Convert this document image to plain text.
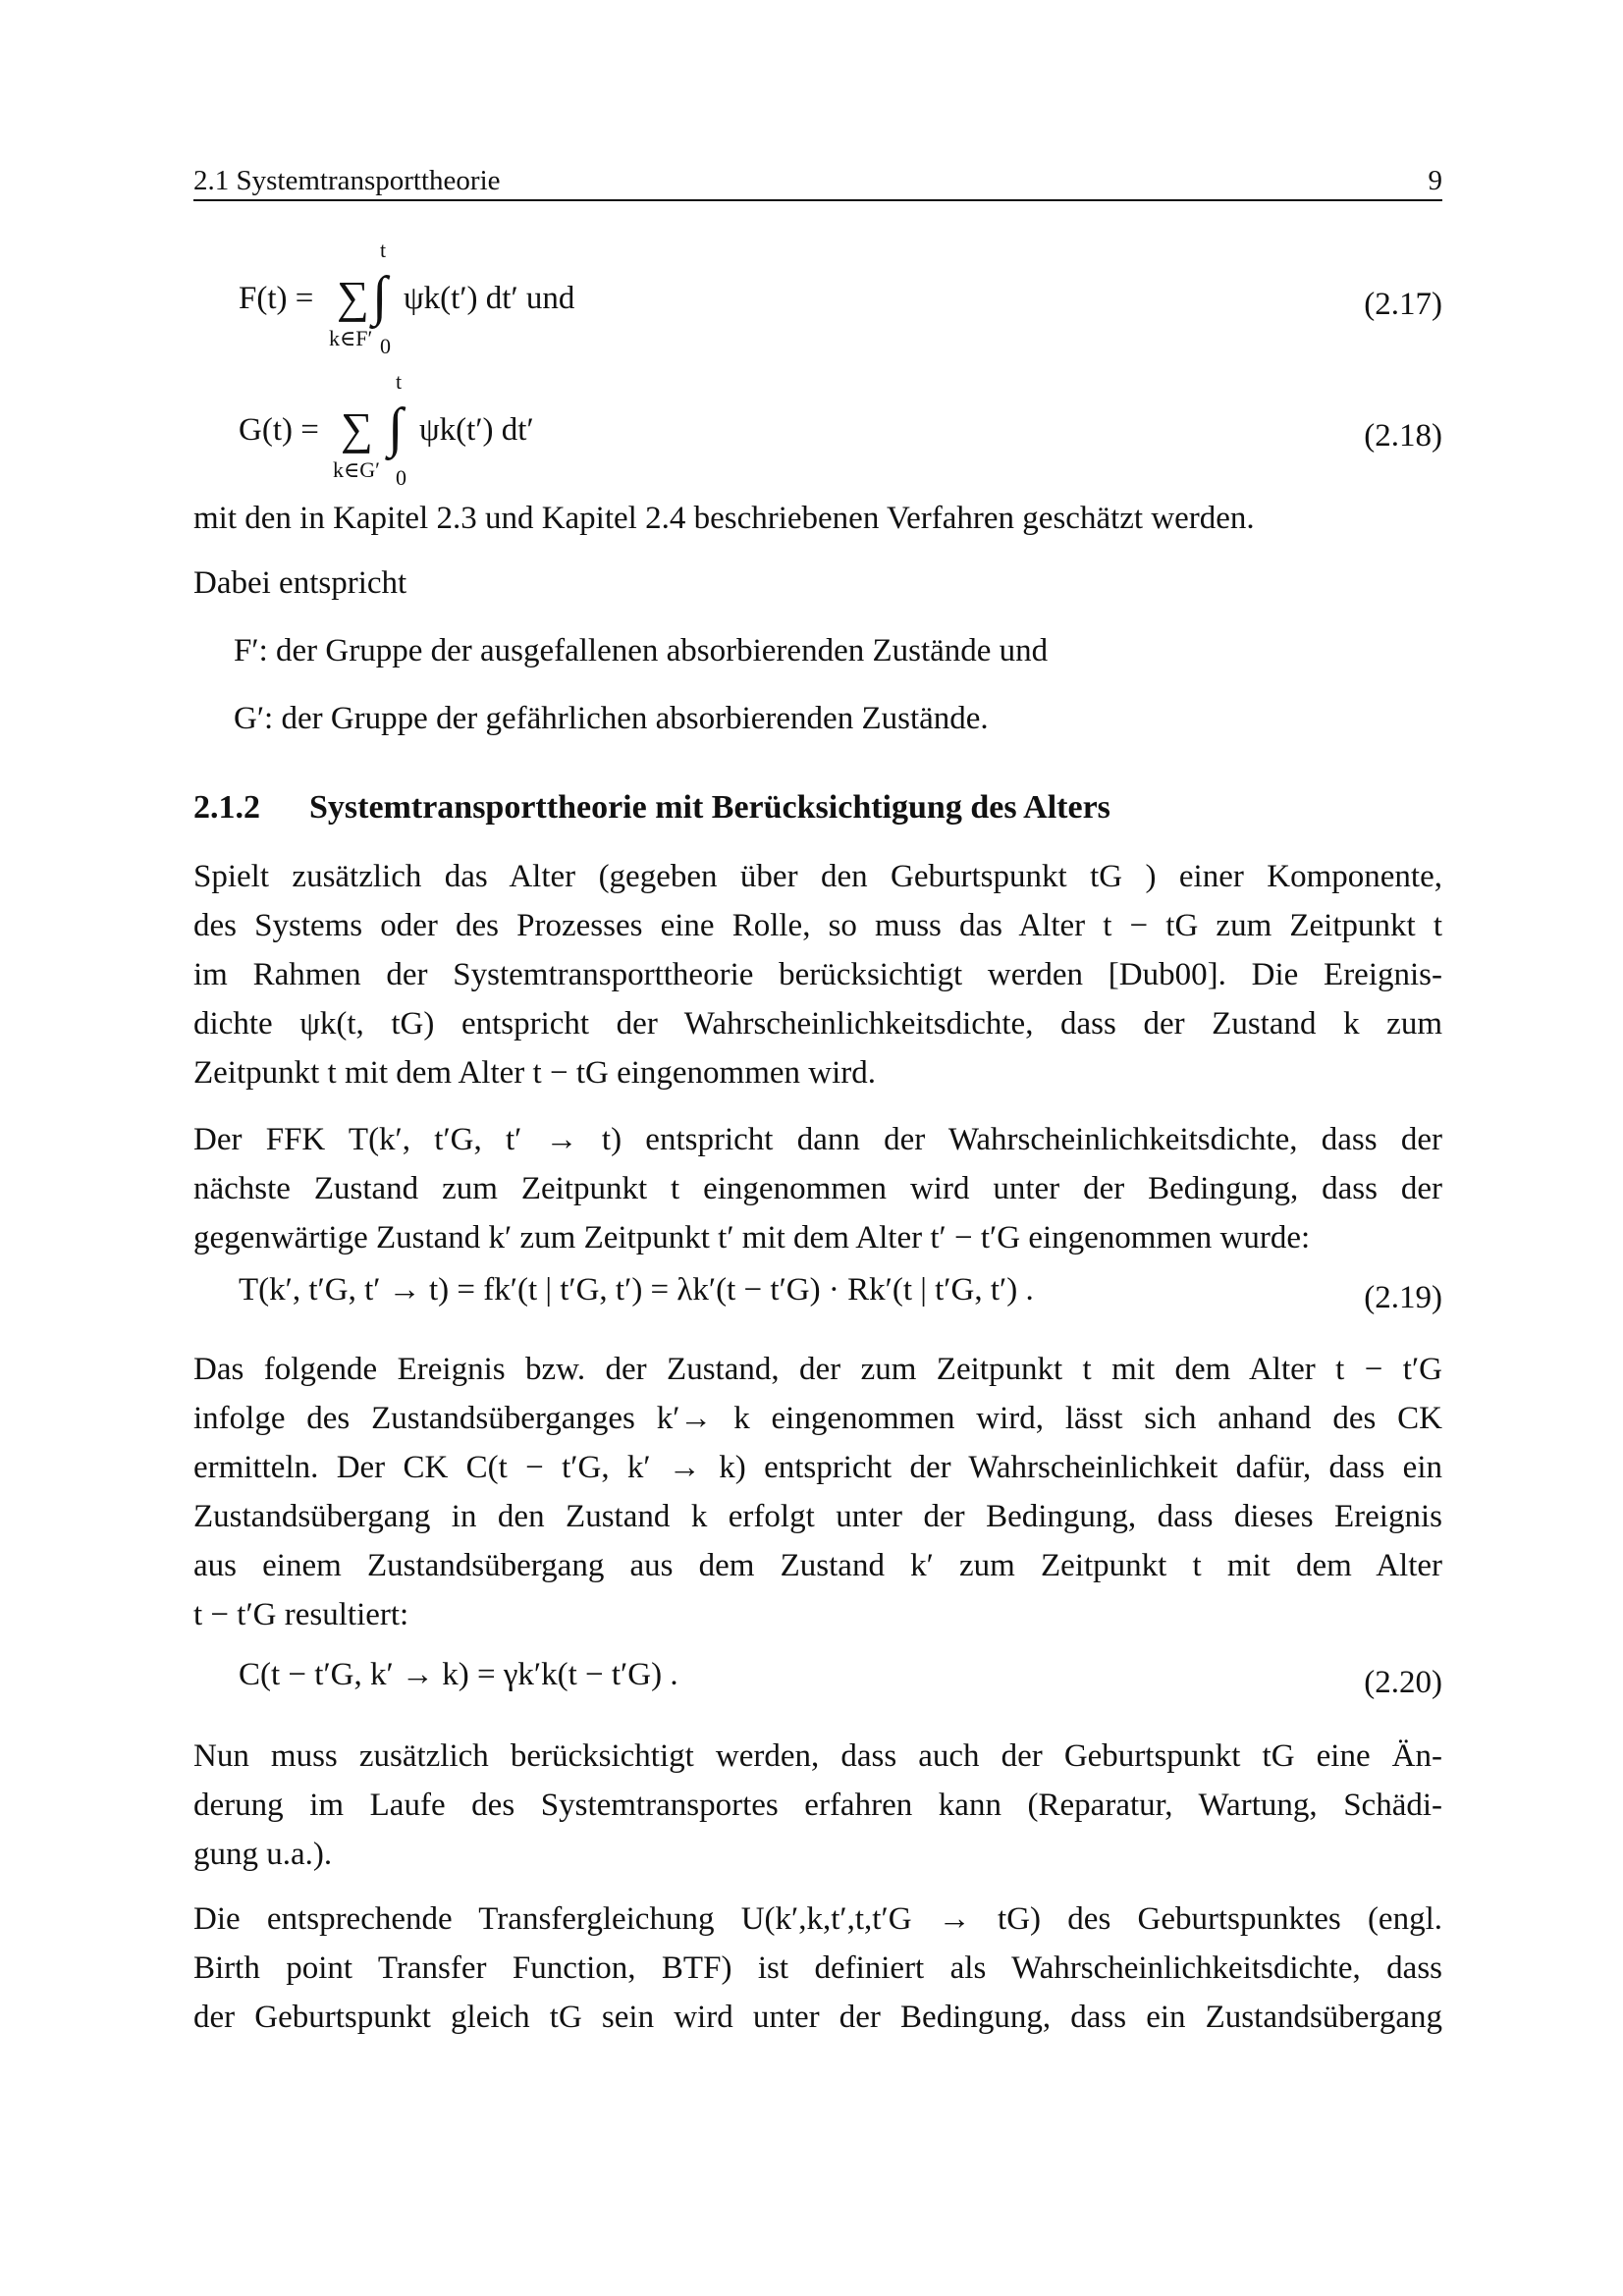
2.1 Systemtransporttheorie	9
F(t) = ∑
k∈F′
t
∫
0
ψk(t′) dt′ und	(2.17)
G(t) = ∑
k∈G′
t
∫
0
ψk(t′) dt′	(2.18)
mit den in Kapitel 2.3 und Kapitel 2.4 beschriebenen Verfahren geschätzt werden.
Dabei entspricht
F′: der Gruppe der ausgefallenen absorbierenden Zustände und
G′: der Gruppe der gefährlichen absorbierenden Zustände.
2.1.2 Systemtransporttheorie mit Berücksichtigung des Alters
Spielt zusätzlich das Alter (gegeben über den Geburtspunkt tG ) einer Komponente,
des Systems oder des Prozesses eine Rolle, so muss das Alter t − tG zum Zeitpunkt t
im Rahmen der Systemtransporttheorie berücksichtigt werden [Dub00]. Die Ereignis-
dichte ψk(t, tG) entspricht der Wahrscheinlichkeitsdichte, dass der Zustand k zum
Zeitpunkt t mit dem Alter t − tG eingenommen wird.
Der FFK T(k′, t′G, t′ → t) entspricht dann der Wahrscheinlichkeitsdichte, dass der
nächste Zustand zum Zeitpunkt t eingenommen wird unter der Bedingung, dass der
gegenwärtige Zustand k′ zum Zeitpunkt t′ mit dem Alter t′ − t′G eingenommen wurde:
T(k′, t′G, t′ → t) = fk′(t | t′G, t′) = λk′(t − t′G) · Rk′(t | t′G, t′) .	(2.19)
Das folgende Ereignis bzw. der Zustand, der zum Zeitpunkt t mit dem Alter t − t′G
infolge des Zustandsüberganges k′→ k eingenommen wird, lässt sich anhand des CK
ermitteln. Der CK C(t − t′G, k′ → k) entspricht der Wahrscheinlichkeit dafür, dass ein
Zustandsübergang in den Zustand k erfolgt unter der Bedingung, dass dieses Ereignis
aus einem Zustandsübergang aus dem Zustand k′ zum Zeitpunkt t mit dem Alter
t − t′G resultiert:
C(t − t′G, k′ → k) = γk′k(t − t′G) .	(2.20)
Nun muss zusätzlich berücksichtigt werden, dass auch der Geburtspunkt tG eine Än-
derung im Laufe des Systemtransportes erfahren kann (Reparatur, Wartung, Schädi-
gung u.a.).
Die entsprechende Transfergleichung U(k′,k,t′,t,t′G → tG) des Geburtspunktes (engl.
Birth point Transfer Function, BTF) ist definiert als Wahrscheinlichkeitsdichte, dass
der Geburtspunkt gleich tG sein wird unter der Bedingung, dass ein Zustandsübergang
